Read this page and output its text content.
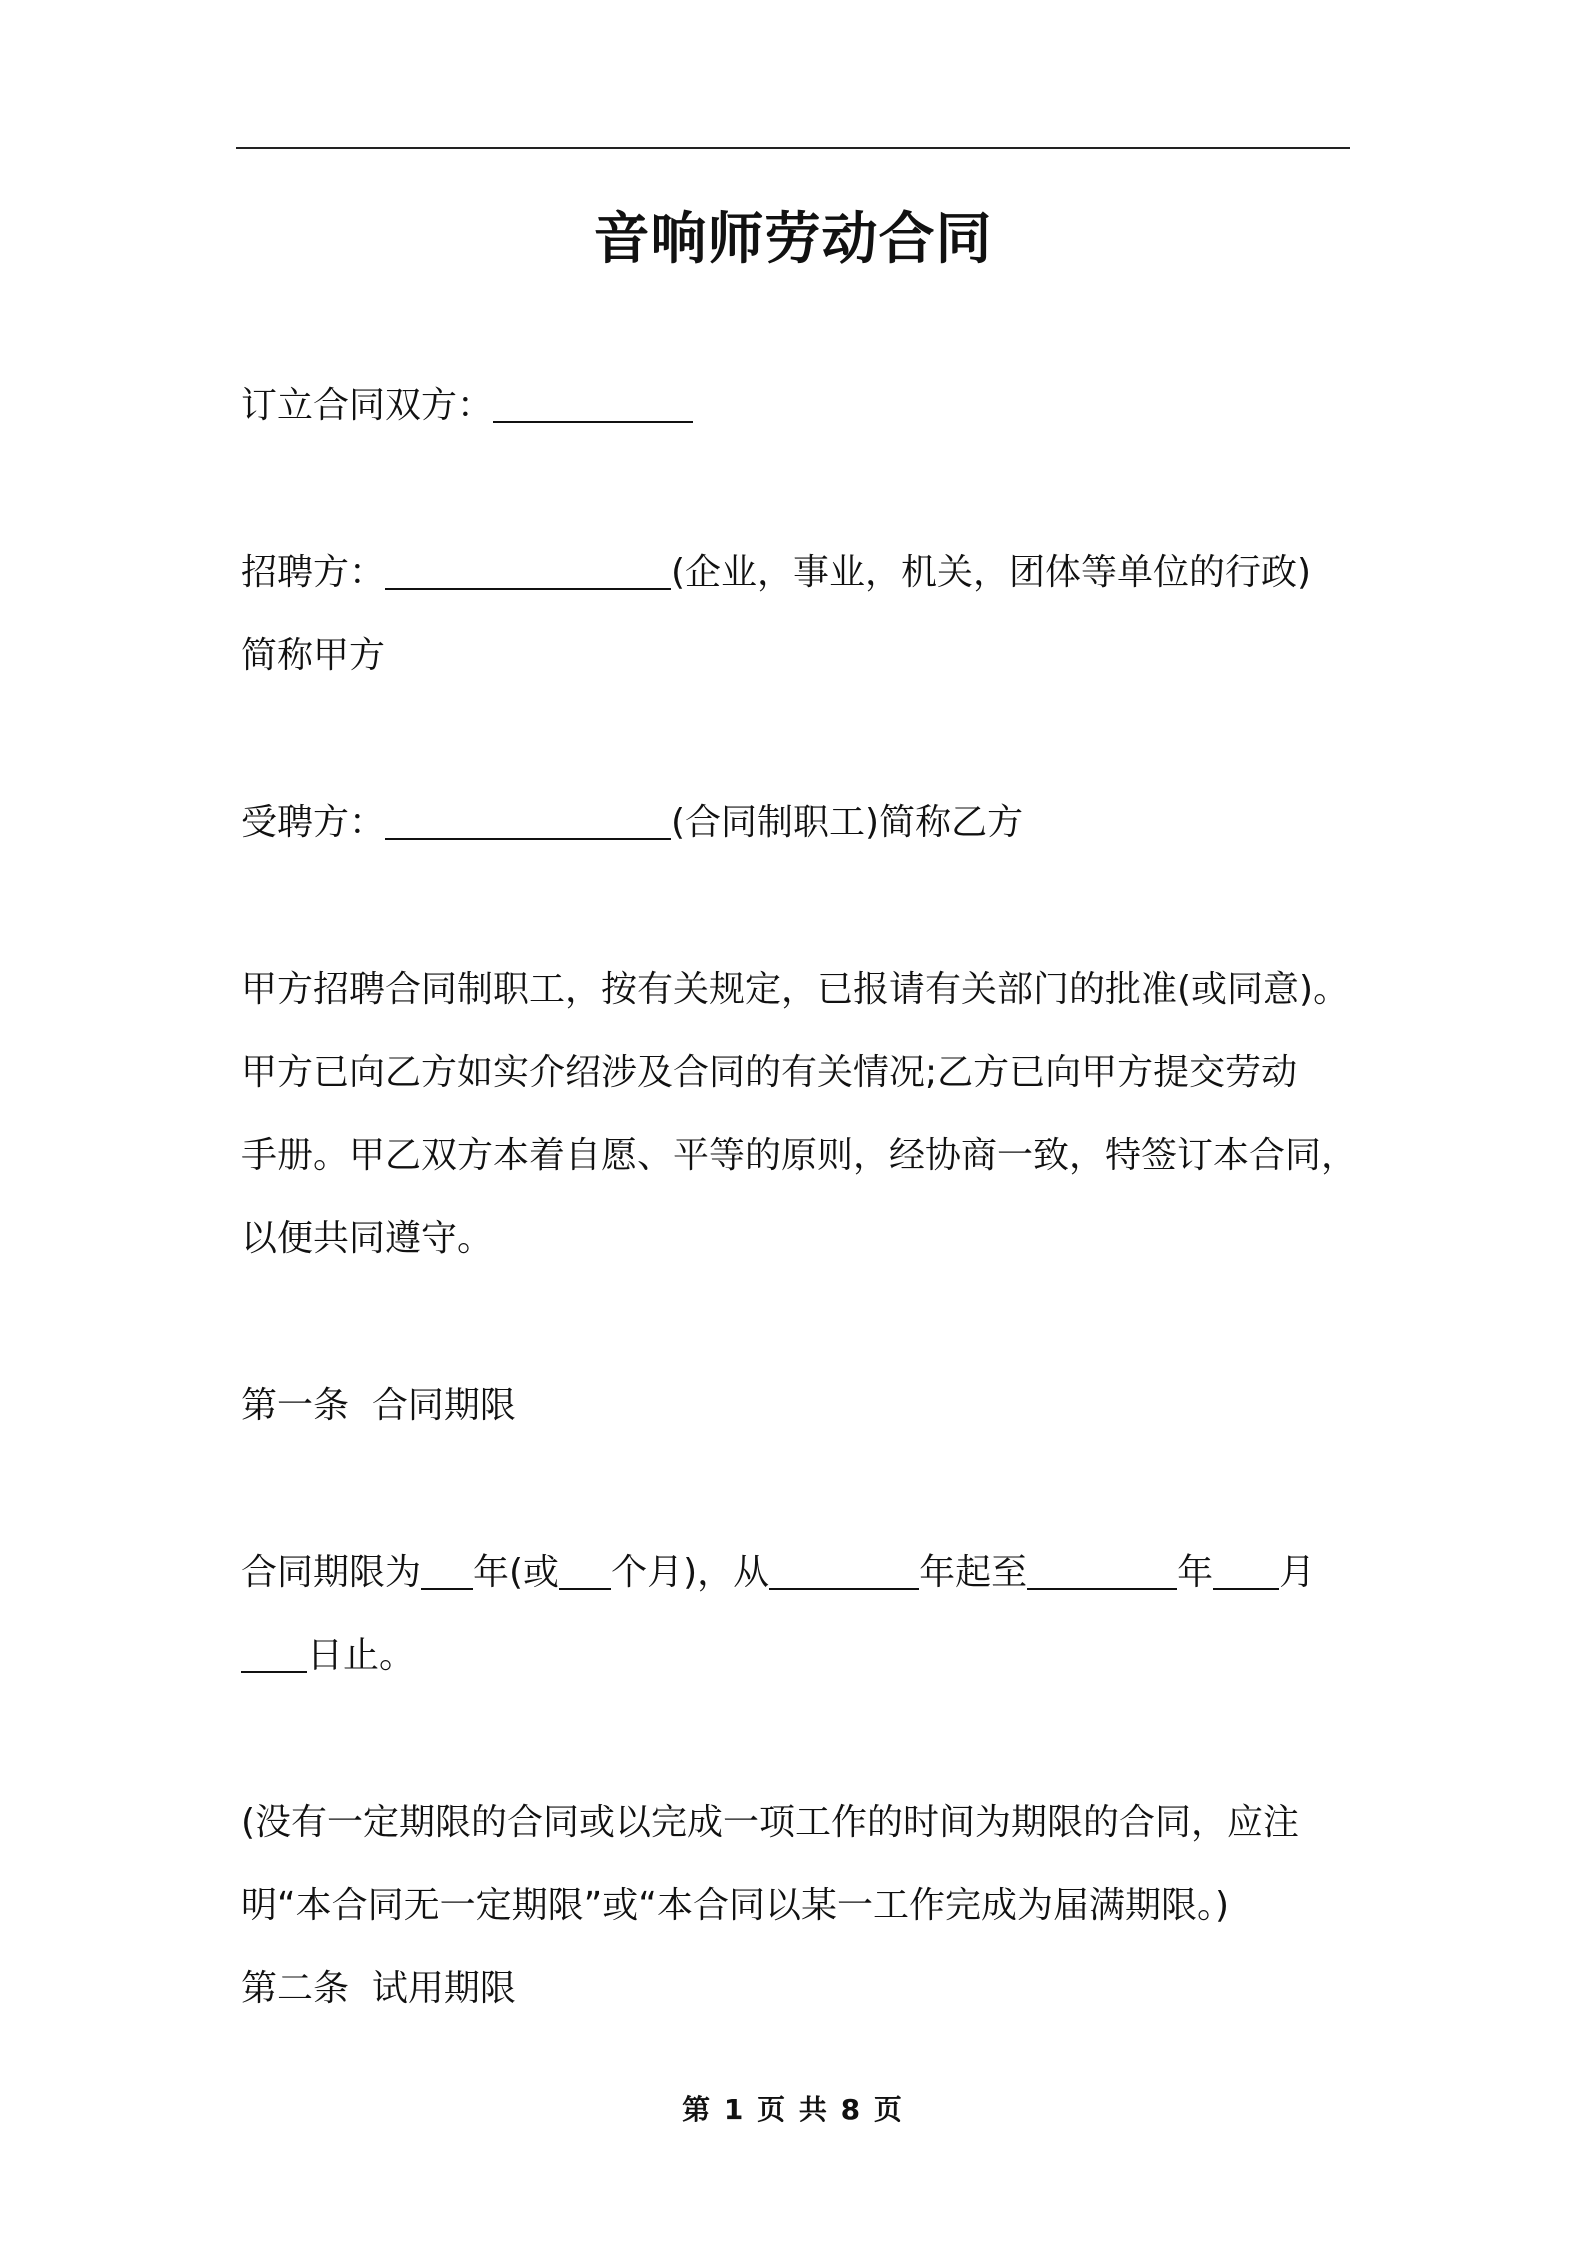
音响师劳动合同
订立合同双方：
招聘方：	(企业，事业，机关，团体等单位的行政)
简称甲方
受聘方：	(合同制职工)简称乙方
甲方招聘合同制职工，按有关规定，已报请有关部门的批准(或同意)。
甲方已向乙方如实介绍涉及合同的有关情况;乙方已向甲方提交劳动
手册。甲乙双方本着自愿、平等的原则，经协商一致，特签订本合同，
以便共同遵守。
第一条  合同期限
合同期限为 年(或 个月)，从	年起至	年 月
日止。
(没有一定期限的合同或以完成一项工作的时间为期限的合同，应注
明“本合同无一定期限”或“本合同以某一工作完成为届满期限。)
第二条  试用期限
第 1 页 共 8 页
